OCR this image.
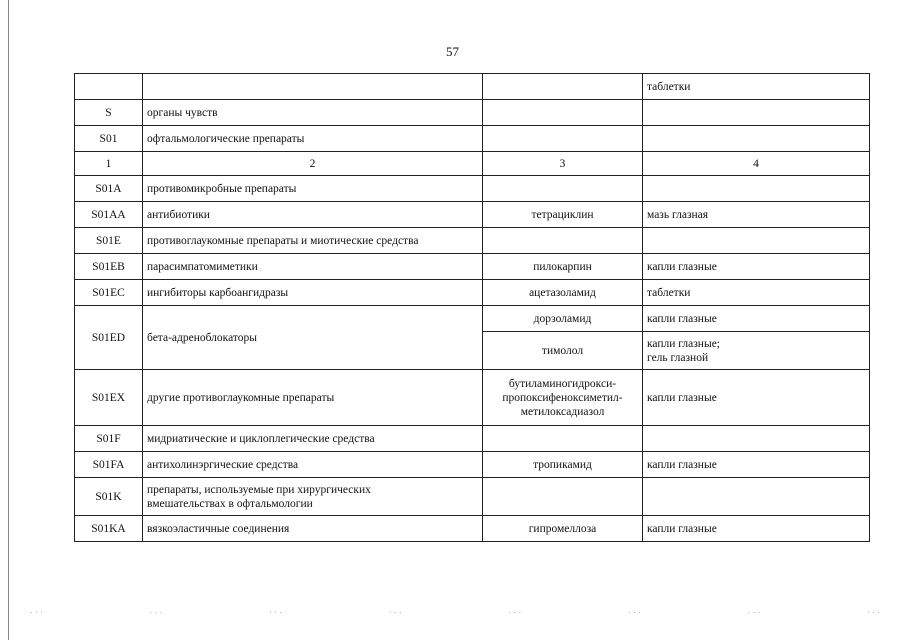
57
			таблетки
S	органы чувств		
S01	офтальмологические препараты		
1	2	3	4
S01A	противомикробные препараты		
S01AA	антибиотики	тетрациклин	мазь глазная
S01E	противоглаукомные препараты и миотические средства		
S01EB	парасимпатомиметики	пилокарпин	капли глазные
S01EC	ингибиторы карбоангидразы	ацетазоламид	таблетки
S01ED	бета-адреноблокаторы	дорзоламид	капли глазные
		тимолол	капли глазные;
гель глазной
S01EX	другие противоглаукомные препараты	бутиламиногидрокси-
пропоксифеноксиметил-
метилоксадиазол	капли глазные
S01F	мидриатические и циклоплегические средства		
S01FA	антихолинэргические средства	тропикамид	капли глазные
S01K	препараты, используемые при хирургических
вмешательствах в офтальмологии		
S01KA	вязкоэластичные соединения	гипромеллоза	капли глазные
. . .	. . .	. . .	. . .	. . .	. . .	. . .	. . .
